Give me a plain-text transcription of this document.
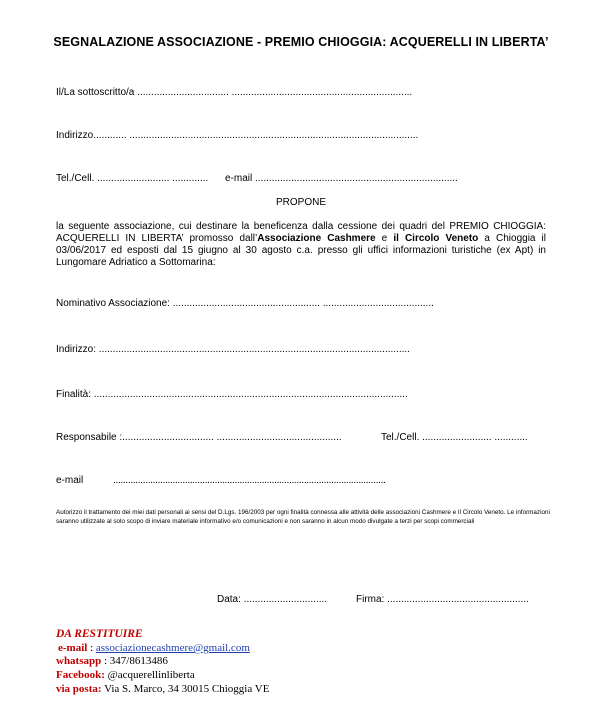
SEGNALAZIONE ASSOCIAZIONE - PREMIO CHIOGGIA: ACQUERELLI IN LIBERTA’
Il/La sottoscritto/a ................................. .................................................................
Indirizzo............ ........................................................................................................
Tel./Cell. .......................... ............. e-mail .........................................................................
PROPONE
la seguente associazione, cui destinare la beneficenza dalla cessione dei quadri del PREMIO CHIOGGIA: ACQUERELLI IN LIBERTA’ promosso dall’Associazione Cashmere e il Circolo Veneto a Chioggia il 03/06/2017 ed esposti dal 15 giugno al 30 agosto c.a. presso gli uffici informazioni turistiche (ex Apt) in Lungomare Adriatico a Sottomarina:
Nominativo Associazione: ..................................................... ........................................
Indirizzo: ................................................................................................................
Finalità: .................................................................................................................
Responsabile :................................. .............................................	Tel./Cell. ......................... ............
e-mail	..............................................................................................................
Autorizzo il trattamento dei miei dati personali ai sensi del D.Lgs. 196/2003 per ogni finalità connessa alle attività delle associazioni Cashmere e Il Circolo Veneto. Le informazioni saranno utilizzate al solo scopo di inviare materiale informativo e/o comunicazioni e non saranno in alcun modo divulgate a terzi per scopi commerciali
Data: ..............................	Firma: ...................................................
DA RESTITUIRE
e-mail : associazionecashmere@gmail.com
whatsapp : 347/8613486
Facebook: @acquerellinliberta
via posta: Via S. Marco, 34 30015 Chioggia VE
